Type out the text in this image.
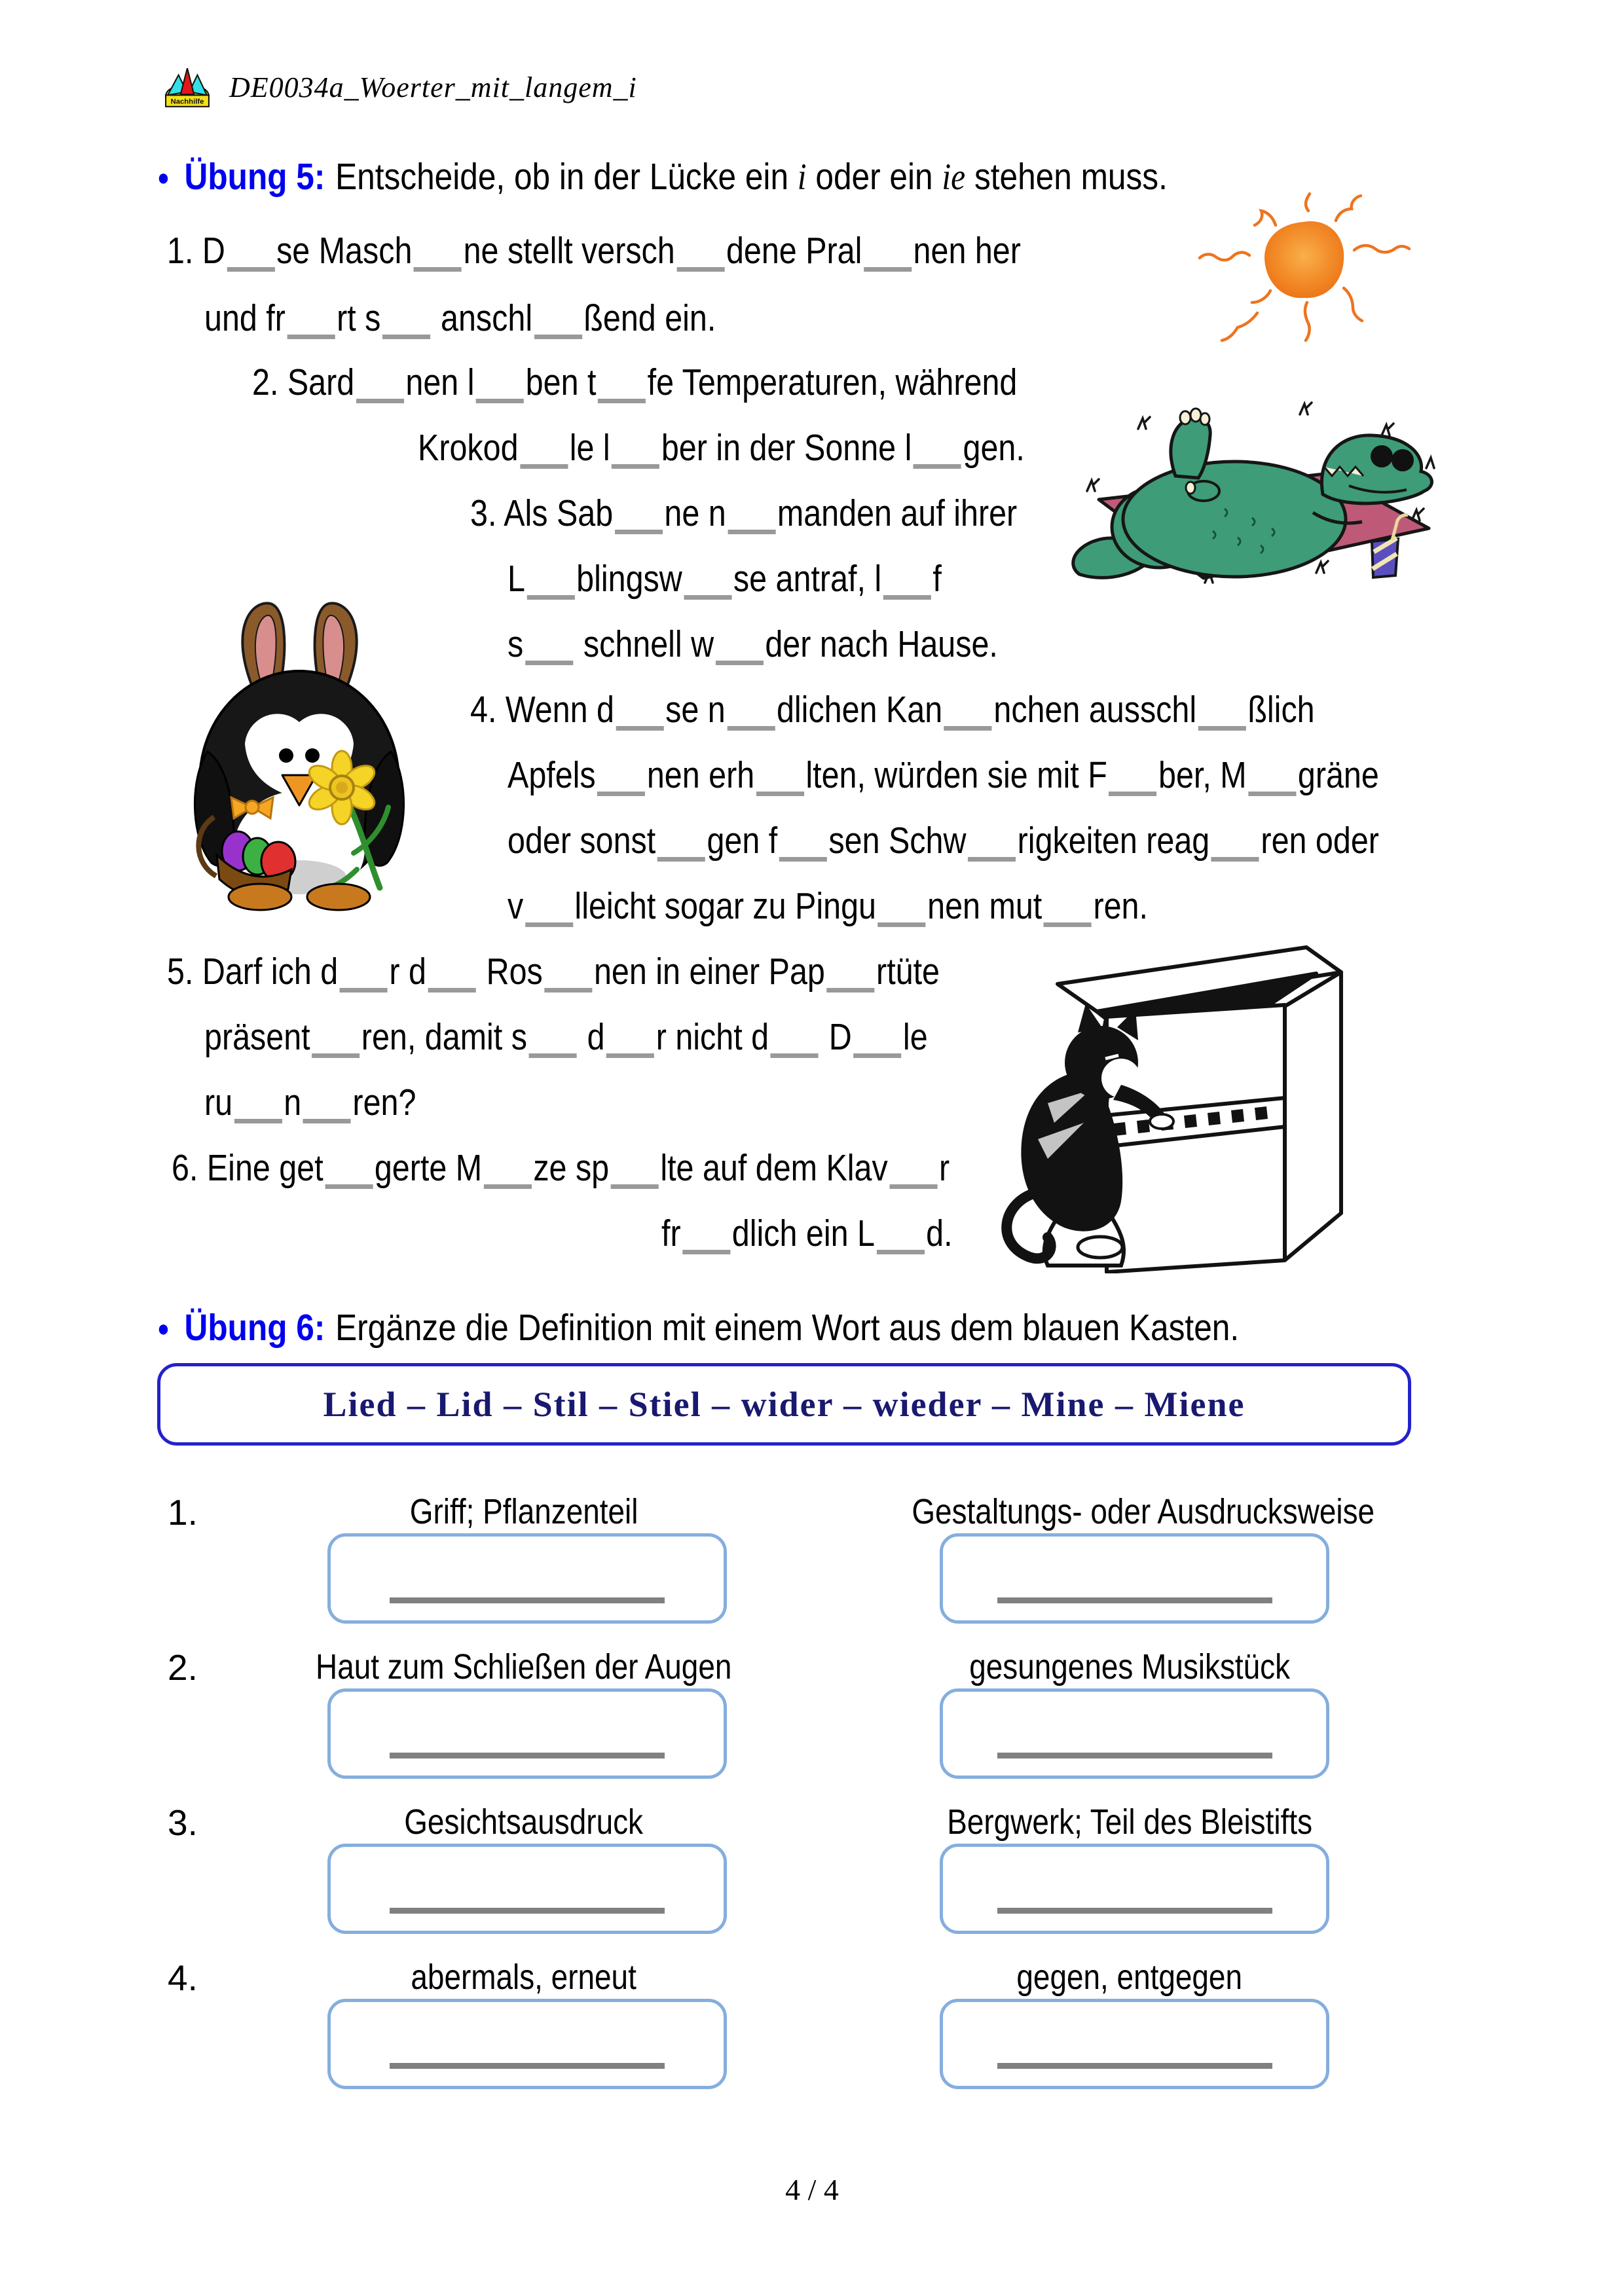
Nachhilfe DE0034a_Woerter_mit_langem_i
● Übung 5: Entscheide, ob in der Lücke ein i oder ein ie stehen muss.
1. D se Masch ne stellt versch dene Pral nen her
und fr rt s anschl ßend ein.
2. Sard nen l ben t fe Temperaturen, während
Krokod le l ber in der Sonne l gen.
3. Als Sab ne n manden auf ihrer
L blingsw se antraf, l f
s schnell w der nach Hause.
4. Wenn d se n dlichen Kan nchen ausschl ßlich
Apfels nen erh lten, würden sie mit F ber, M gräne
oder sonst gen f sen Schw rigkeiten reag ren oder
v lleicht sogar zu Pingu nen mut ren.
5. Darf ich d r d Ros nen in einer Pap rtüte
präsent ren, damit s d r nicht d D le
ru n ren?
6. Eine get gerte M ze sp lte auf dem Klav r
fr dlich ein L d.
● Übung 6: Ergänze die Definition mit einem Wort aus dem blauen Kasten.
Lied – Lid – Stil – Stiel – wider – wieder – Mine – Miene
1.	Griff; Pflanzenteil	Gestaltungs- oder Ausdrucksweise
2.	Haut zum Schließen der Augen	gesungenes Musikstück
3.	Gesichtsausdruck	Bergwerk; Teil des Bleistifts
4.	abermals, erneut	gegen, entgegen
4 / 4
